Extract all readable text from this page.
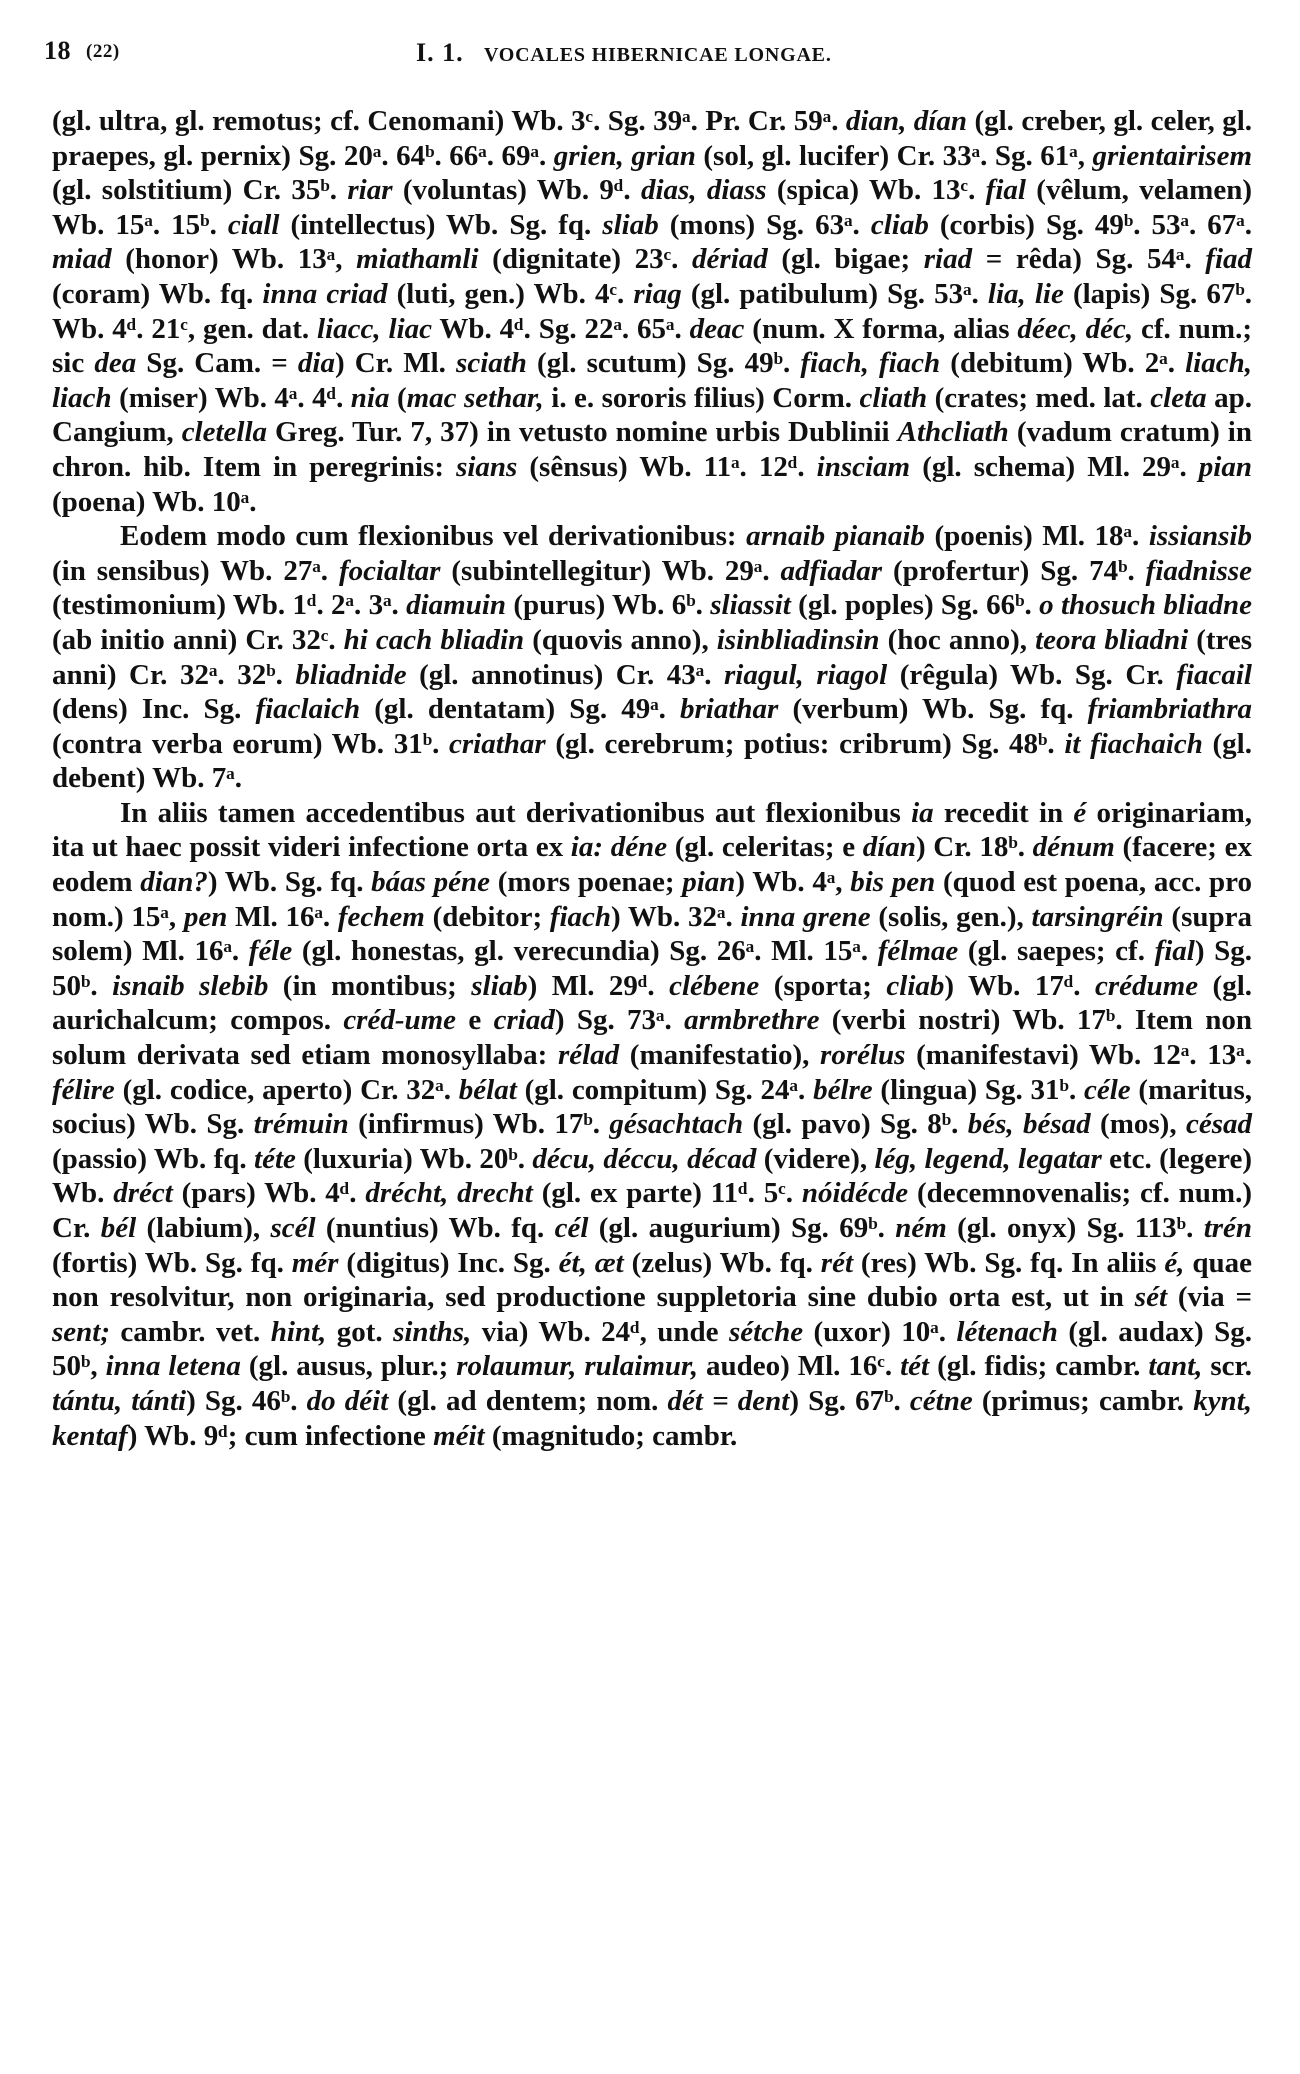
18 (22)	I. 1. VOCALES HIBERNICAE LONGAE.

(gl. ultra, gl. remotus; cf. Cenomani) Wb. 3ᶜ. Sg. 39ᵃ. Pr. Cr. 59ᵃ. dian, dían (gl. creber, gl. celer, gl. praepes, gl. pernix) Sg. 20ᵃ. 64ᵇ. 66ᵃ. 69ᵃ. grien, grian (sol, gl. lucifer) Cr. 33ᵃ. Sg. 61ᵃ, grientairisem (gl. solstitium) Cr. 35ᵇ. riar (voluntas) Wb. 9ᵈ. dias, diass (spica) Wb. 13ᶜ. fial (vêlum, velamen) Wb. 15ᵃ. 15ᵇ. ciall (intellectus) Wb. Sg. fq. sliab (mons) Sg. 63ᵃ. cliab (corbis) Sg. 49ᵇ. 53ᵃ. 67ᵃ. miad (honor) Wb. 13ᵃ, miathamli (dignitate) 23ᶜ. dériad (gl. bigae; riad = rêda) Sg. 54ᵃ. fiad (coram) Wb. fq. inna criad (luti, gen.) Wb. 4ᶜ. riag (gl. patibulum) Sg. 53ᵃ. lia, lie (lapis) Sg. 67ᵇ. Wb. 4ᵈ. 21ᶜ, gen. dat. liacc, liac Wb. 4ᵈ. Sg. 22ᵃ. 65ᵃ. deac (num. X forma, alias déec, déc, cf. num.; sic dea Sg. Cam. = dia) Cr. Ml. sciath (gl. scutum) Sg. 49ᵇ. fiach, fiach (debitum) Wb. 2ᵃ. liach, liach (miser) Wb. 4ᵃ. 4ᵈ. nia (mac sethar, i. e. sororis filius) Corm. cliath (crates; med. lat. cleta ap. Cangium, cletella Greg. Tur. 7, 37) in vetusto nomine urbis Dublinii Athcliath (vadum cratum) in chron. hib. Item in peregrinis: sians (sênsus) Wb. 11ᵃ. 12ᵈ. insciam (gl. schema) Ml. 29ᵃ. pian (poena) Wb. 10ᵃ.

Eodem modo cum flexionibus vel derivationibus: arnaib pianaib (poenis) Ml. 18ᵃ. issiansib (in sensibus) Wb. 27ᵃ. focialtar (subintellegitur) Wb. 29ᵃ. adfiadar (profertur) Sg. 74ᵇ. fiadnisse (testimonium) Wb. 1ᵈ. 2ᵃ. 3ᵃ. diamuin (purus) Wb. 6ᵇ. sliassit (gl. poples) Sg. 66ᵇ. o thosuch bliadne (ab initio anni) Cr. 32ᶜ. hi cach bliadin (quovis anno), isinbliadinsin (hoc anno), teora bliadni (tres anni) Cr. 32ᵃ. 32ᵇ. bliadnide (gl. annotinus) Cr. 43ᵃ. riagul, riagol (rêgula) Wb. Sg. Cr. fiacail (dens) Inc. Sg. fiaclaich (gl. dentatam) Sg. 49ᵃ. briathar (verbum) Wb. Sg. fq. friambriathra (contra verba eorum) Wb. 31ᵇ. criathar (gl. cerebrum; potius: cribrum) Sg. 48ᵇ. it fiachaich (gl. debent) Wb. 7ᵃ.

In aliis tamen accedentibus aut derivationibus aut flexionibus ia recedit in é originariam, ita ut haec possit videri infectione orta ex ia: déne (gl. celeritas; e dían) Cr. 18ᵇ. dénum (facere; ex eodem dian?) Wb. Sg. fq. báas péne (mors poenae; pian) Wb. 4ᵃ, bis pen (quod est poena, acc. pro nom.) 15ᵃ, pen Ml. 16ᵃ. fechem (debitor; fiach) Wb. 32ᵃ. inna grene (solis, gen.), tarsingréin (supra solem) Ml. 16ᵃ. féle (gl. honestas, gl. verecundia) Sg. 26ᵃ. Ml. 15ᵃ. félmae (gl. saepes; cf. fial) Sg. 50ᵇ. isnaib slebib (in montibus; sliab) Ml. 29ᵈ. clébene (sporta; cliab) Wb. 17ᵈ. crédume (gl. aurichalcum; compos. créd-ume e criad) Sg. 73ᵃ. armbrethre (verbi nostri) Wb. 17ᵇ. Item non solum derivata sed etiam monosyllaba: rélad (manifestatio), rorélus (manifestavi) Wb. 12ᵃ. 13ᵃ. félire (gl. codice, aperto) Cr. 32ᵃ. bélat (gl. compitum) Sg. 24ᵃ. bélre (lingua) Sg. 31ᵇ. céle (maritus, socius) Wb. Sg. trémuin (infirmus) Wb. 17ᵇ. gésachtach (gl. pavo) Sg. 8ᵇ. bés, bésad (mos), césad (passio) Wb. fq. téte (luxuria) Wb. 20ᵇ. décu, déccu, décad (videre), lég, legend, legatar etc. (legere) Wb. dréct (pars) Wb. 4ᵈ. drécht, drecht (gl. ex parte) 11ᵈ. 5ᶜ. nóidécde (decemnovenalis; cf. num.) Cr. bél (labium), scél (nuntius) Wb. fq. cél (gl. augurium) Sg. 69ᵇ. ném (gl. onyx) Sg. 113ᵇ. trén (fortis) Wb. Sg. fq. mér (digitus) Inc. Sg. ét, æt (zelus) Wb. fq. rét (res) Wb. Sg. fq. In aliis é, quae non resolvitur, non originaria, sed productione suppletoria sine dubio orta est, ut in sét (via = sent; cambr. vet. hint, got. sinths, via) Wb. 24ᵈ, unde sétche (uxor) 10ᵃ. létenach (gl. audax) Sg. 50ᵇ, inna letena (gl. ausus, plur.; rolaumur, rulaimur, audeo) Ml. 16ᶜ. tét (gl. fidis; cambr. tant, scr. tántu, tánti) Sg. 46ᵇ. do déit (gl. ad dentem; nom. dét = dent) Sg. 67ᵇ. cétne (primus; cambr. kynt, kentaf) Wb. 9ᵈ; cum infectione méit (magnitudo; cambr.
